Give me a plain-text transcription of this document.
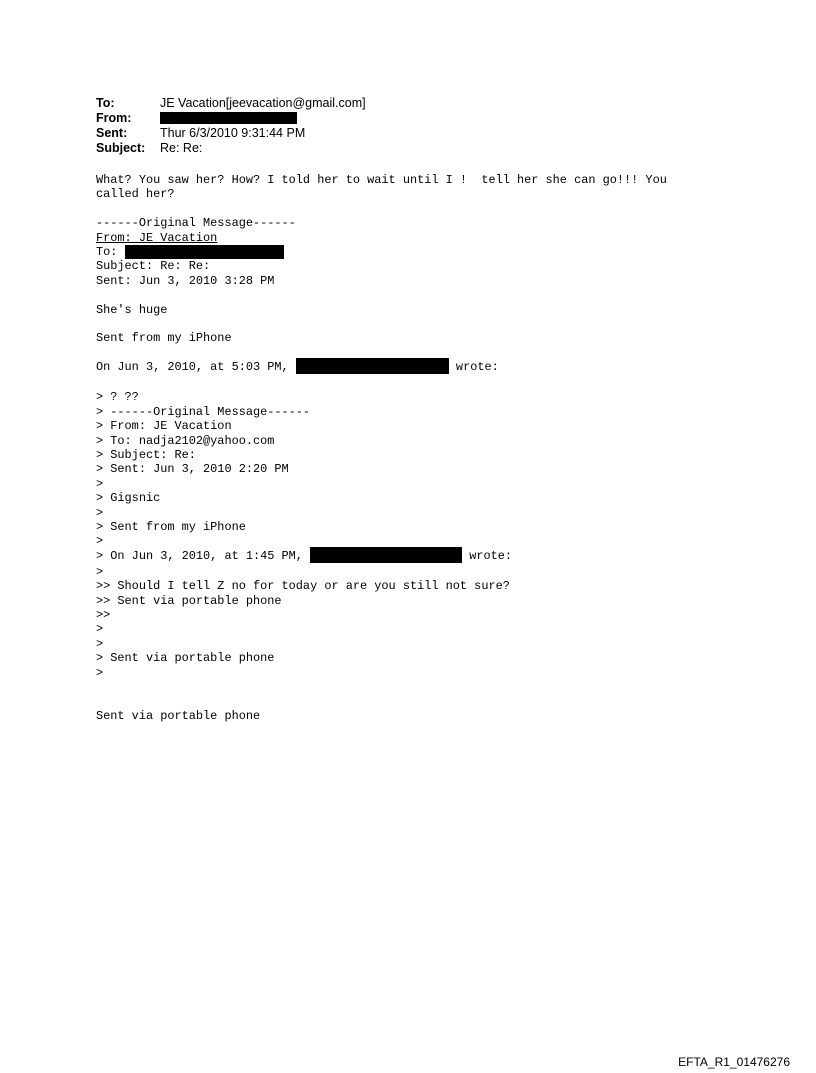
To:	JE Vacation[jeevacation@gmail.com]
From:
Sent:	Thur 6/3/2010 9:31:44 PM
Subject: Re: Re:
What? You saw her? How? I told her to wait until I !  tell her she can go!!! You
called her?
------Original Message------
From: JE Vacation
To:
Subject: Re: Re:
Sent: Jun 3, 2010 3:28 PM
She's huge
Sent from my iPhone
On Jun 3, 2010, at 5:03 PM,	wrote:
> ? ??
> ------Original Message------
> From: JE Vacation
> To: nadja2102@yahoo.com
> Subject: Re:
> Sent: Jun 3, 2010 2:20 PM
>
> Gigsnic
>
> Sent from my iPhone
>
> On Jun 3, 2010, at 1:45 PM,	wrote:
>
>> Should I tell Z no for today or are you still not sure?
>> Sent via portable phone
>>
>
>
> Sent via portable phone
>
Sent via portable phone
EFTA_R1_01476276
